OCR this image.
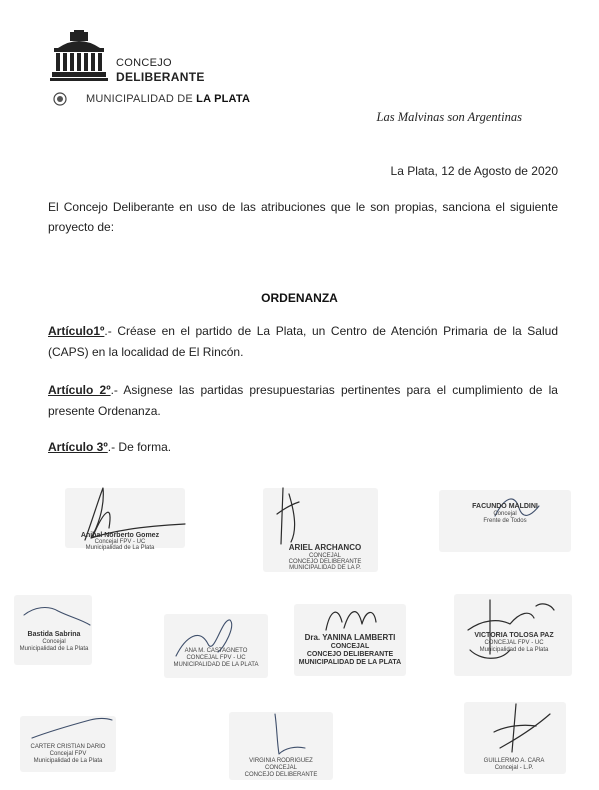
CONCEJO
DELIBERANTE
MUNICIPALIDAD DE LA PLATA
Las Malvinas son Argentinas
La Plata, 12 de Agosto de 2020
El Concejo Deliberante en uso de las atribuciones que le son propias, sanciona el siguiente proyecto de:
ORDENANZA
Artículo1º.- Créase en el partido de La Plata, un Centro de Atención Primaria de la Salud (CAPS) en la localidad de El Rincón.
Artículo 2º.- Asignese las partidas presupuestarias pertinentes para el cumplimiento de la presente Ordenanza.
Artículo 3º.- De forma.
Anibal Norberto Gomez
Concejal FPV - UC
Municipalidad de La Plata	ARIEL ARCHANCO
CONCEJAL
CONCEJO DELIBERANTE
MUNICIPALIDAD DE LA P.
FACUNDO MALDINI
Concejal
Frente de Todos
Bastida Sabrina
Concejal
Municipalidad de La Plata	ANA M. CASTAGNETO
CONCEJAL FPV - UC
MUNICIPALIDAD DE LA PLATA
Dra. YANINA LAMBERTI
CONCEJAL
CONCEJO DELIBERANTE
MUNICIPALIDAD DE LA PLATA
VICTORIA TOLOSA PAZ
CONCEJAL FPV - UC
Municipalidad de La Plata
CARTER CRISTIAN DARIO
Concejal FPV
Municipalidad de La Plata	VIRGINIA RODRIGUEZ
CONCEJAL
CONCEJO DELIBERANTE
GUILLERMO A. CARA
Concejal - L.P.
